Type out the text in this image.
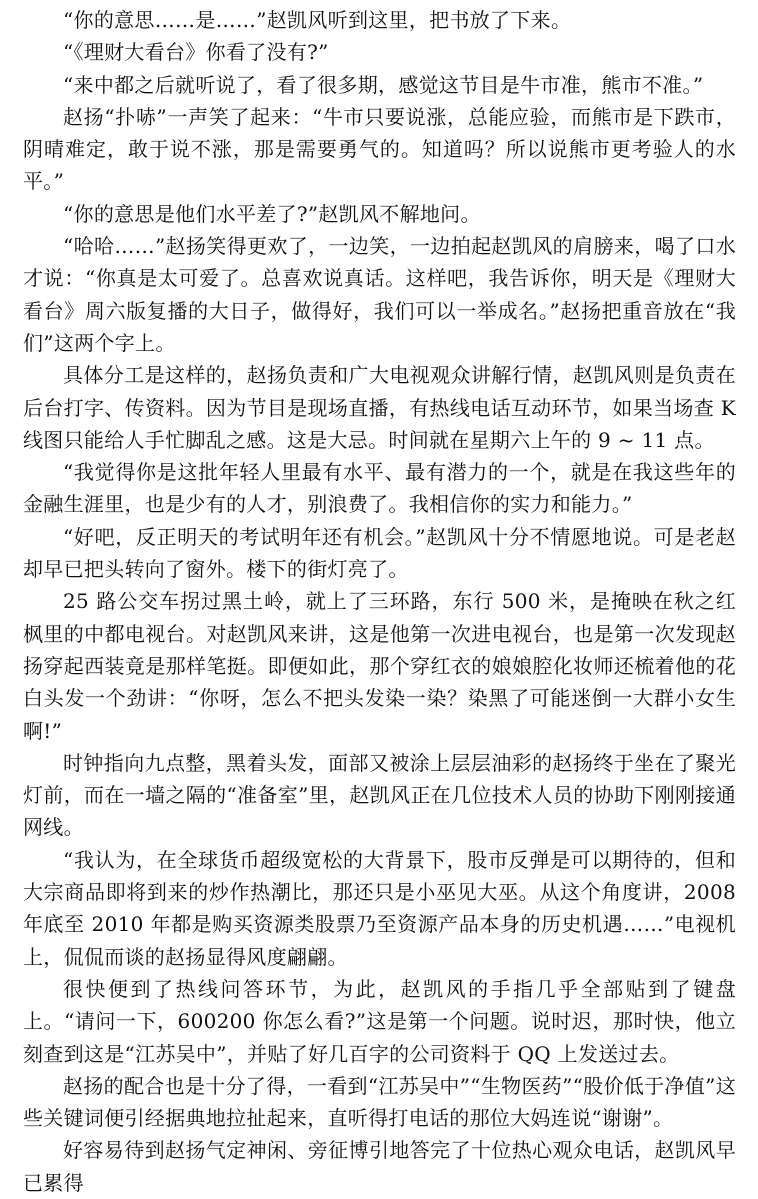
“你的意思……是……”赵凯风听到这里，把书放了下来。

“《理财大看台》你看了没有?”

“来中都之后就听说了，看了很多期，感觉这节目是牛市准，熊市不准。”

赵扬“扑哧”一声笑了起来：“牛市只要说涨，总能应验，而熊市是下跌市，阴晴难定，敢于说不涨，那是需要勇气的。知道吗？所以说熊市更考验人的水平。”

“你的意思是他们水平差了?”赵凯风不解地问。

“哈哈……”赵扬笑得更欢了，一边笑，一边拍起赵凯风的肩膀来，喝了口水才说：“你真是太可爱了。总喜欢说真话。这样吧，我告诉你，明天是《理财大看台》周六版复播的大日子，做得好，我们可以一举成名。”赵扬把重音放在“我们”这两个字上。

具体分工是这样的，赵扬负责和广大电视观众讲解行情，赵凯风则是负责在后台打字、传资料。因为节目是现场直播，有热线电话互动环节，如果当场查 K 线图只能给人手忙脚乱之感。这是大忌。时间就在星期六上午的 9 ~ 11 点。

“我觉得你是这批年轻人里最有水平、最有潜力的一个，就是在我这些年的金融生涯里，也是少有的人才，别浪费了。我相信你的实力和能力。”

“好吧，反正明天的考试明年还有机会。”赵凯风十分不情愿地说。可是老赵却早已把头转向了窗外。楼下的街灯亮了。

25 路公交车拐过黑土岭，就上了三环路，东行 500 米，是掩映在秋之红枫里的中都电视台。对赵凯风来讲，这是他第一次进电视台，也是第一次发现赵扬穿起西装竟是那样笔挺。即便如此，那个穿红衣的娘娘腔化妆师还梳着他的花白头发一个劲讲：“你呀，怎么不把头发染一染？染黑了可能迷倒一大群小女生啊!”

时钟指向九点整，黑着头发，面部又被涂上层层油彩的赵扬终于坐在了聚光灯前，而在一墙之隔的“准备室”里，赵凯风正在几位技术人员的协助下刚刚接通网线。

“我认为，在全球货币超级宽松的大背景下，股市反弹是可以期待的，但和大宗商品即将到来的炒作热潮比，那还只是小巫见大巫。从这个角度讲，2008 年底至 2010 年都是购买资源类股票乃至资源产品本身的历史机遇……”电视机上，侃侃而谈的赵扬显得风度翩翩。

很快便到了热线问答环节，为此，赵凯风的手指几乎全部贴到了键盘上。“请问一下，600200 你怎么看?”这是第一个问题。说时迟，那时快，他立刻查到这是“江苏吴中”，并贴了好几百字的公司资料于 QQ 上发送过去。

赵扬的配合也是十分了得，一看到“江苏吴中”“生物医药”“股价低于净值”这些关键词便引经据典地拉扯起来，直听得打电话的那位大妈连说“谢谢”。

好容易待到赵扬气定神闲、旁征博引地答完了十位热心观众电话，赵凯风早已累得
